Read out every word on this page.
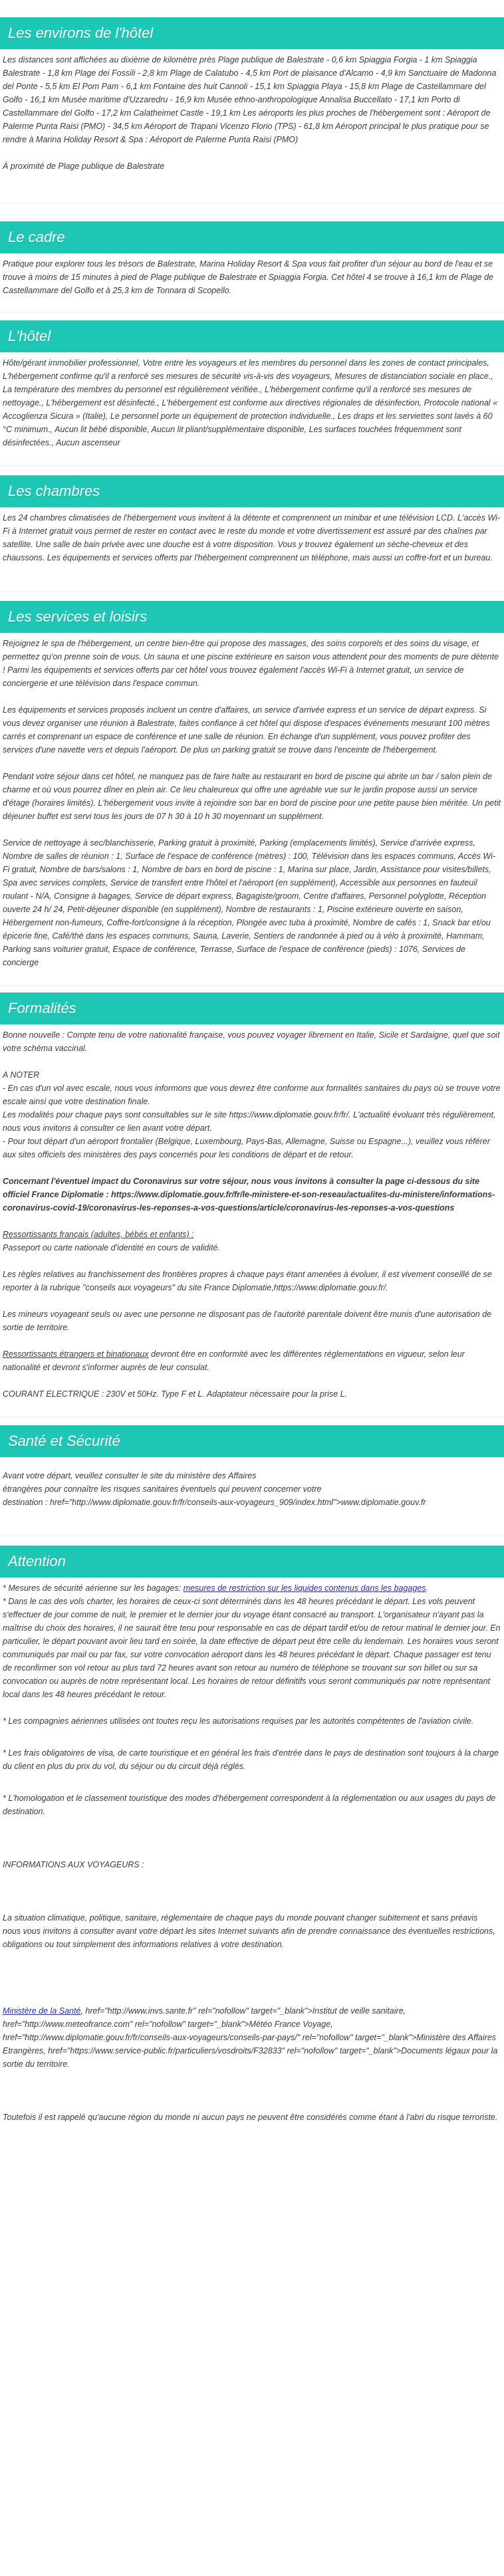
Les environs de l'hôtel

Les distances sont affichées au dixième de kilomètre près Plage publique de Balestrate - 0,6 km Spiaggia Forgia - 1 km Spiaggia Balestrate - 1,8 km Plage dei Fossili - 2,8 km Plage de Calatubo - 4,5 km Port de plaisance d'Alcamo - 4,9 km Sanctuaire de Madonna del Ponte - 5,5 km El Pom Pam - 6,1 km Fontaine des huit Cannoli - 15,1 km Spiaggia Playa - 15,8 km Plage de Castellammare del Golfo - 16,1 km Musée maritime d'Uzzaredru - 16,9 km Musée ethno-anthropologique Annalisa Buccellato - 17,1 km Porto di Castellammare del Golfo - 17,2 km Calatheimet Castle - 19,1 km Les aéroports les plus proches de l'hébergement sont : Aéroport de Palerme Punta Raisi (PMO) - 34,5 km Aéroport de Trapani Vicenzo Florio (TPS) - 61,8 km Aéroport principal le plus pratique pour se rendre à Marina Holiday Resort & Spa : Aéroport de Palerme Punta Raisi (PMO)

À proximité de Plage publique de Balestrate

Le cadre

Pratique pour explorer tous les trésors de Balestrate, Marina Holiday Resort & Spa vous fait profiter d'un séjour au bord de l'eau et se trouve à moins de 15 minutes à pied de Plage publique de Balestrate et Spiaggia Forgia. Cet hôtel 4 se trouve à 16,1 km de Plage de Castellammare del Golfo et à 25,3 km de Tonnara di Scopello.

L'hôtel

Hôte/gérant immobilier professionnel, Votre entre les voyageurs et les membres du personnel dans les zones de contact principales, L'hébergement confirme qu'il a renforcé ses mesures de sécurité vis-à-vis des voyageurs, Mesures de distanciation sociale en place., La température des membres du personnel est régulièrement vérifiée., L'hébergement confirme qu'il a renforcé ses mesures de nettoyage., L'hébergement est désinfecté., L'hébergement est conforme aux directives régionales de désinfection, Protocole national « Accoglienza Sicura » (Italie), Le personnel porte un équipement de protection individuelle., Les draps et les serviettes sont lavés à 60 °C minimum., Aucun lit bébé disponible, Aucun lit pliant/supplémentaire disponible, Les surfaces touchées fréquemment sont désinfectées., Aucun ascenseur

Les chambres

Les 24 chambres climatisées de l'hébergement vous invitent à la détente et comprennent un minibar et une télévision LCD. L'accès Wi-Fi à Internet gratuit vous permet de rester en contact avec le reste du monde et votre divertissement est assuré par des chaînes par satellite. Une salle de bain privée avec une douche est à votre disposition. Vous y trouvez également un sèche-cheveux et des chaussons. Les équipements et services offerts par l'hébergement comprennent un téléphone, mais aussi un coffre-fort et un bureau.

Les services et loisirs

Rejoignez le spa de l'hébergement, un centre bien-être qui propose des massages, des soins corporels et des soins du visage, et permettez qu'on prenne soin de vous. Un sauna et une piscine extérieure en saison vous attendent pour des moments de pure détente ! Parmi les équipements et services offerts par cet hôtel vous trouvez également l'accès Wi-Fi à Internet gratuit, un service de conciergerie et une télévision dans l'espace commun.

Les équipements et services proposés incluent un centre d'affaires, un service d'arrivée express et un service de départ express. Si vous devez organiser une réunion à Balestrate, faites confiance à cet hôtel qui dispose d'espaces événements mesurant 100 mètres carrés et comprenant un espace de conférence et une salle de réunion. En échange d'un supplément, vous pouvez profiter des services d'une navette vers et depuis l'aéroport. De plus un parking gratuit se trouve dans l'enceinte de l'hébergement.

Pendant votre séjour dans cet hôtel, ne manquez pas de faire halte au restaurant en bord de piscine qui abrite un bar / salon plein de charme et où vous pourrez dîner en plein air. Ce lieu chaleureux qui offre une agréable vue sur le jardin propose aussi un service d'étage (horaires limités). L'hébergement vous invite à rejoindre son bar en bord de piscine pour une petite pause bien méritée. Un petit déjeuner buffet est servi tous les jours de 07 h 30 à 10 h 30 moyennant un supplément.

Service de nettoyage à sec/blanchisserie, Parking gratuit à proximité, Parking (emplacements limités), Service d'arrivée express, Nombre de salles de réunion : 1, Surface de l'espace de conférence (mètres) : 100, Télévision dans les espaces communs, Accès Wi-Fi gratuit, Nombre de bars/salons : 1, Nombre de bars en bord de piscine : 1, Marina sur place, Jardin, Assistance pour visites/billets, Spa avec services complets, Service de transfert entre l'hôtel et l'aéroport (en supplément), Accessible aux personnes en fauteuil roulant - N/A, Consigne à bagages, Service de départ express, Bagagiste/groom, Centre d'affaires, Personnel polyglotte, Réception ouverte 24 h/ 24, Petit-déjeuner disponible (en supplément), Nombre de restaurants : 1, Piscine extérieure ouverte en saison, Hébergement non-fumeurs, Coffre-fort/consigne à la réception, Plongée avec tuba à proximité, Nombre de cafés : 1, Snack bar et/ou épicerie fine, Café/thé dans les espaces communs, Sauna, Laverie, Sentiers de randonnée à pied ou à vélo à proximité, Hammam, Parking sans voiturier gratuit, Espace de conférence, Terrasse, Surface de l'espace de conférence (pieds) : 1076, Services de concierge

Formalités

Bonne nouvelle : Compte tenu de votre nationalité française, vous pouvez voyager librement en Italie, Sicile et Sardaigne, quel que soit votre schéma vaccinal.

A NOTER
- En cas d'un vol avec escale, nous vous informons que vous devrez être conforme aux formalités sanitaires du pays où se trouve votre escale ainsi que votre destination finale.
Les modalités pour chaque pays sont consultables sur le site https://www.diplomatie.gouv.fr/fr/. L'actualité évoluant très régulièrement, nous vous invitons à consulter ce lien avant votre départ.
- Pour tout départ d'un aéroport frontalier (Belgique, Luxembourg, Pays-Bas, Allemagne, Suisse ou Espagne...), veuillez vous référer aux sites officiels des ministères des pays concernés pour les conditions de départ et de retour.

Concernant l'éventuel impact du Coronavirus sur votre séjour, nous vous invitons à consulter la page ci-dessous du site officiel France Diplomatie : https://www.diplomatie.gouv.fr/fr/le-ministere-et-son-reseau/actualites-du-ministere/informations-coronavirus-covid-19/coronavirus-les-reponses-a-vos-questions/article/coronavirus-les-reponses-a-vos-questions

Ressortissants français (adultes, bébés et enfants) :
Passeport ou carte nationale d'identité en cours de validité.

Les règles relatives au franchissement des frontières propres à chaque pays étant amenées à évoluer, il est vivement conseillé de se reporter à la rubrique "conseils aux voyageurs" du site France Diplomatie,https://www.diplomatie.gouv.fr/.

Les mineurs voyageant seuls ou avec une personne ne disposant pas de l'autorité parentale doivent être munis d'une autorisation de sortie de territoire.

Ressortissants étrangers et binationaux devront être en conformité avec les différentes réglementations en vigueur, selon leur nationalité et devront s'informer auprès de leur consulat.

COURANT ELECTRIQUE : 230V et 50Hz. Type F et L. Adaptateur nécessaire pour la prise L.

Santé et Sécurité

Avant votre départ, veuillez consulter le site du ministère des Affaires
étrangères pour connaître les risques sanitaires éventuels qui peuvent concerner votre
destination : href="http://www.diplomatie.gouv.fr/fr/conseils-aux-voyageurs_909/index.html">www.diplomatie.gouv.fr

Attention
* Mesures de sécurité aérienne sur les bagages: mesures de restriction sur les liquides contenus dans les bagages.

* Dans le cas des vols charter, les horaires de ceux-ci sont déterminés dans les 48 heures précédant le départ. Les vols peuvent s'effectuer de jour comme de nuit, le premier et le dernier jour du voyage étant consacré au transport. L'organisateur n'ayant pas la maîtrise du choix des horaires, il ne saurait être tenu pour responsable en cas de départ tardif et/ou de retour matinal le dernier jour. En particulier, le départ pouvant avoir lieu tard en soirée, la date effective de départ peut être celle du lendemain. Les horaires vous seront communiqués par mail ou par fax, sur votre convocation aéroport dans les 48 heures précédant le départ. Chaque passager est tenu de reconfirmer son vol retour au plus tard 72 heures avant son retour au numéro de téléphone se trouvant sur son billet ou sur sa convocation ou auprès de notre représentant local. Les horaires de retour définitifs vous seront communiqués par notre représentant local dans les 48 heures précédant le retour.

* Les compagnies aériennes utilisées ont toutes reçu les autorisations requises par les autorités compétentes de l'aviation civile.

* Les frais obligatoires de visa, de carte touristique et en général les frais d'entrée dans le pays de destination sont toujours à la charge du client en plus du prix du vol, du séjour ou du circuit déjà réglés.

* L'homologation et le classement touristique des modes d'hébergement correspondent à la réglementation ou aux usages du pays de destination.

INFORMATIONS AUX VOYAGEURS :

La situation climatique, politique, sanitaire, réglementaire de chaque pays du monde pouvant changer subitement et sans préavis
nous vous invitons à consulter avant votre départ les sites Internet suivants afin de prendre connaissance des éventuelles restrictions, obligations ou tout simplement des informations relatives à votre destination.

Ministère de la Santé, href="http://www.invs.sante.fr" rel="nofollow" target="_blank">Institut de veille sanitaire, href="http://www.meteofrance.com" rel="nofollow" target="_blank">Météo France Voyage, href="http://www.diplomatie.gouv.fr/fr/conseils-aux-voyageurs/conseils-par-pays/" rel="nofollow" target="_blank">Ministère des Affaires Etrangères, href="https://www.service-public.fr/particuliers/vosdroits/F32833" rel="nofollow" target="_blank">Documents légaux pour la sortie du territoire.

Toutefois il est rappelé qu'aucune région du monde ni aucun pays ne peuvent être considérés comme étant à l'abri du risque terroriste.
